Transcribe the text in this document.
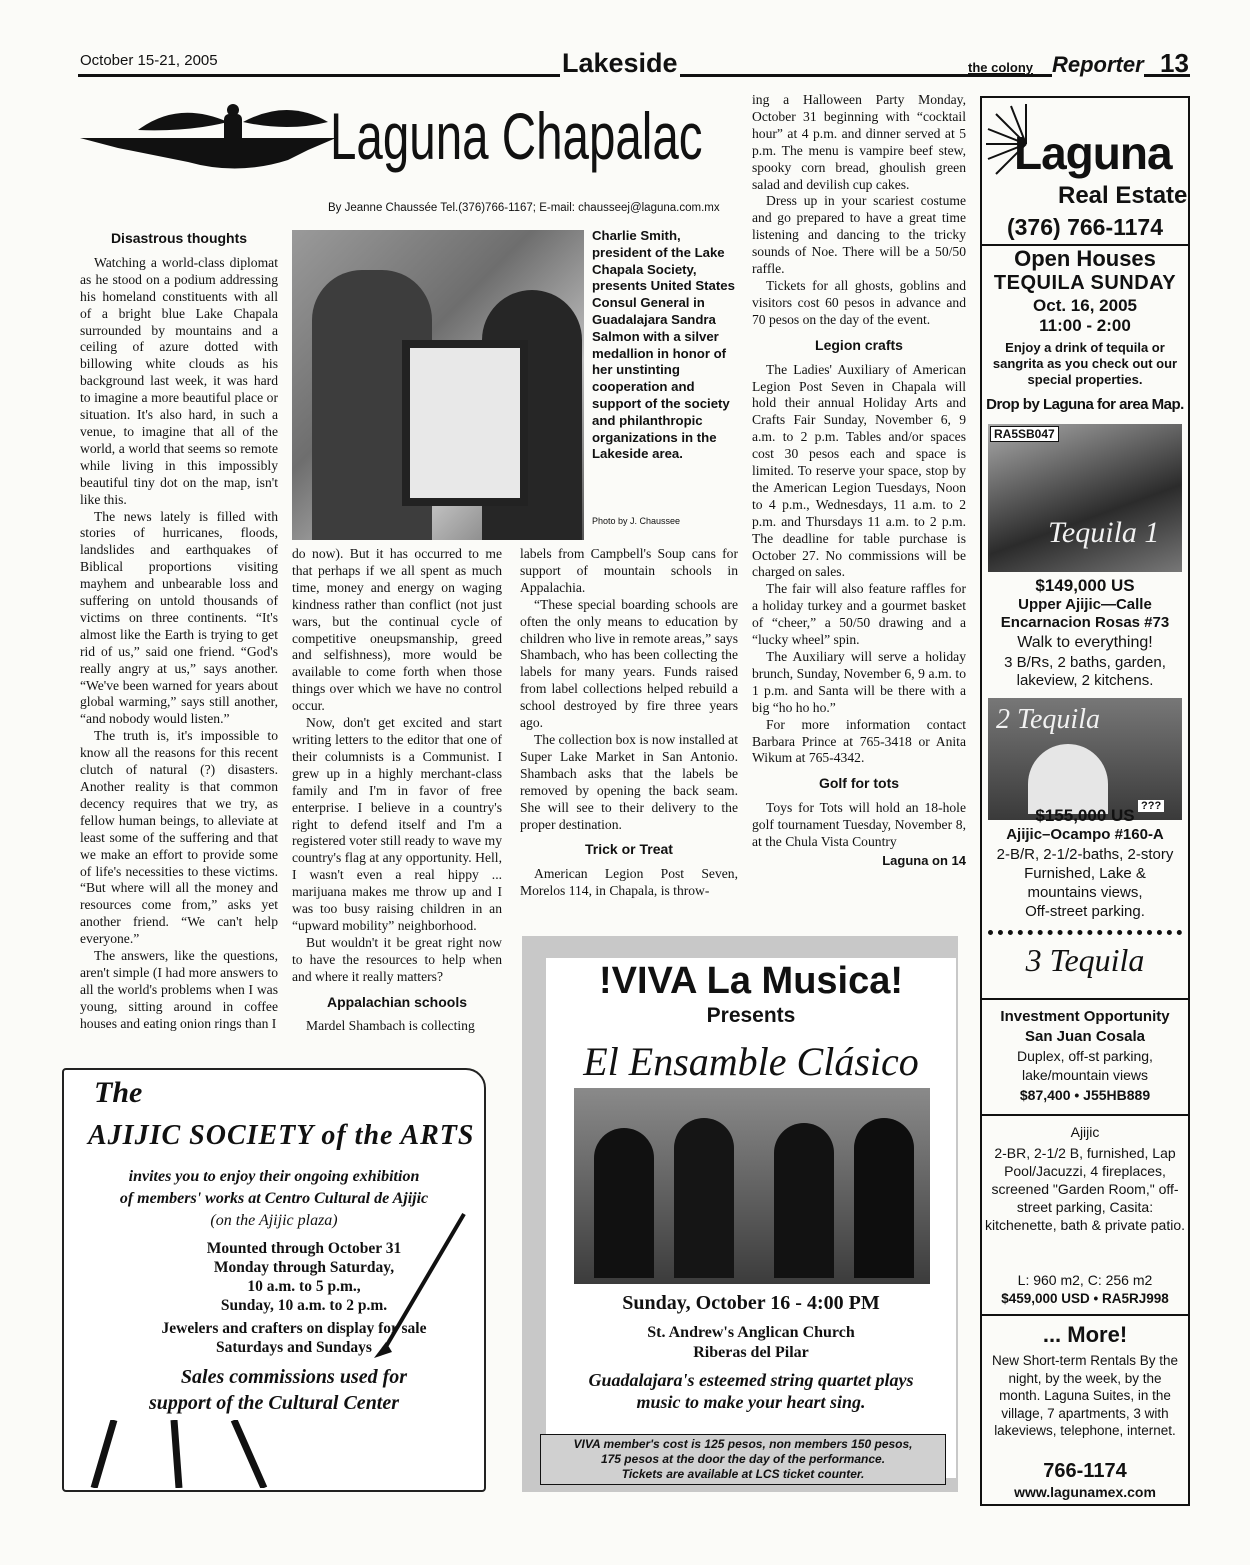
October 15-21, 2005	Lakeside	the colony Reporter 13
Laguna Chapalac
By Jeanne Chaussée Tel.(376)766-1167; E-mail: chausseej@laguna.com.mx
Charlie Smith, president of the Lake Chapala Society, presents United States Consul General in Guadalajara Sandra Salmon with a silver medallion in honor of her unstinting cooperation and support of the society and philanthropic organizations in the Lakeside area.
Photo by J. Chaussee
Disastrous thoughts

Watching a world-class diplomat as he stood on a podium addressing his homeland constituents with all of a bright blue Lake Chapala surrounded by mountains and a ceiling of azure dotted with billowing white clouds as his background last week, it was hard to imagine a more beautiful place or situation. It's also hard, in such a venue, to imagine that all of the world, a world that seems so remote while living in this impossibly beautiful tiny dot on the map, isn't like this.

The news lately is filled with stories of hurricanes, floods, landslides and earthquakes of Biblical proportions visiting mayhem and unbearable loss and suffering on untold thousands of victims on three continents. “It's almost like the Earth is trying to get rid of us,” said one friend. “God's really angry at us,” says another. “We've been warned for years about global warming,” says still another, “and nobody would listen.”

The truth is, it's impossible to know all the reasons for this recent clutch of natural (?) disasters. Another reality is that common decency requires that we try, as fellow human beings, to alleviate at least some of the suffering and that we make an effort to provide some of life's necessities to these victims. “But where will all the money and resources come from,” asks yet another friend. “We can't help everyone.”

The answers, like the questions, aren't simple (I had more answers to all the world's problems when I was young, sitting around in coffee houses and eating onion rings than I

do now). But it has occurred to me that perhaps if we all spent as much time, money and energy on waging kindness rather than conflict (not just wars, but the continual cycle of competitive oneupsmanship, greed and selfishness), more would be available to come forth when those things over which we have no control occur.

Now, don't get excited and start writing letters to the editor that one of their columnists is a Communist. I grew up in a highly merchant-class family and I'm in favor of free enterprise. I believe in a country's right to defend itself and I'm a registered voter still ready to wave my country's flag at any opportunity. Hell, I wasn't even a real hippy ... marijuana makes me throw up and I was too busy raising children in an “upward mobility” neighborhood.

But wouldn't it be great right now to have the resources to help when and where it really matters?

Appalachian schools

Mardel Shambach is collecting

labels from Campbell's Soup cans for support of mountain schools in Appalachia.

“These special boarding schools are often the only means to education by children who live in remote areas,” says Shambach, who has been collecting the labels for many years. Funds raised from label collections helped rebuild a school destroyed by fire three years ago.

The collection box is now installed at Super Lake Market in San Antonio. Shambach asks that the labels be removed by opening the back seam. She will see to their delivery to the proper destination.

Trick or Treat

American Legion Post Seven, Morelos 114, in Chapala, is throw-

ing a Halloween Party Monday, October 31 beginning with “cocktail hour” at 4 p.m. and dinner served at 5 p.m. The menu is vampire beef stew, spooky corn bread, ghoulish green salad and devilish cup cakes.

Dress up in your scariest costume and go prepared to have a great time listening and dancing to the tricky sounds of Noe. There will be a 50/50 raffle.

Tickets for all ghosts, goblins and visitors cost 60 pesos in advance and 70 pesos on the day of the event.

Legion crafts

The Ladies' Auxiliary of American Legion Post Seven in Chapala will hold their annual Holiday Arts and Crafts Fair Sunday, November 6, 9 a.m. to 2 p.m. Tables and/or spaces cost 30 pesos each and space is limited. To reserve your space, stop by the American Legion Tuesdays, Noon to 4 p.m., Wednesdays, 11 a.m. to 2 p.m. and Thursdays 11 a.m. to 2 p.m. The deadline for table purchase is October 27. No commissions will be charged on sales.

The fair will also feature raffles for a holiday turkey and a gourmet basket of “cheer,” a 50/50 drawing and a “lucky wheel” spin.

The Auxiliary will serve a holiday brunch, Sunday, November 6, 9 a.m. to 1 p.m. and Santa will be there with a big “ho ho ho.”

For more information contact Barbara Prince at 765-3418 or Anita Wikum at 765-4342.

Golf for tots

Toys for Tots will hold an 18-hole golf tournament Tuesday, November 8, at the Chula Vista Country

Laguna on 14
The
AJIJIC SOCIETY of the ARTS
invites you to enjoy their ongoing exhibition
of members' works at Centro Cultural de Ajijic
(on the Ajijic plaza)
Mounted through October 31
Monday through Saturday,
10 a.m. to 5 p.m.,
Sunday, 10 a.m. to 2 p.m.
Jewelers and crafters on display for sale
Saturdays and Sundays
Sales commissions used for
support of the Cultural Center
!VIVA La Musica!
Presents
El Ensamble Clásico
Sunday, October 16 - 4:00 PM
St. Andrew's Anglican Church
Riberas del Pilar
Guadalajara's esteemed string quartet plays
music to make your heart sing.
VIVA member's cost is 125 pesos, non members 150 pesos,
175 pesos at the door the day of the performance.
Tickets are available at LCS ticket counter.
Laguna
Real Estate
(376) 766-1174
Open Houses
TEQUILA SUNDAY
Oct. 16, 2005
11:00 - 2:00
Enjoy a drink of tequila or sangrita as you check out our special properties.
Drop by Laguna for area Map.
RA5SB047
Tequila 1
$149,000 US
Upper Ajijic—Calle
Encarnacion Rosas #73
Walk to everything!
3 B/Rs, 2 baths, garden,
lakeview, 2 kitchens.
2 Tequila
???
$155,000 US
Ajijic–Ocampo #160-A
2-B/R, 2-1/2-baths, 2-story
Furnished, Lake &
mountains views,
Off-street parking.
3 Tequila
Investment Opportunity
San Juan Cosala
Duplex, off-st parking,
lake/mountain views
$87,400 • J55HB889
Ajijic
2-BR, 2-1/2 B, furnished, Lap Pool/Jacuzzi, 4 fireplaces, screened "Garden Room," off-street parking, Casita: kitchenette, bath & private patio.
L: 960 m2, C: 256 m2
$459,000 USD • RA5RJ998
... More!
New Short-term Rentals By the night, by the week, by the month. Laguna Suites, in the village, 7 apartments, 3 with lakeviews, telephone, internet.
766-1174
www.lagunamex.com
